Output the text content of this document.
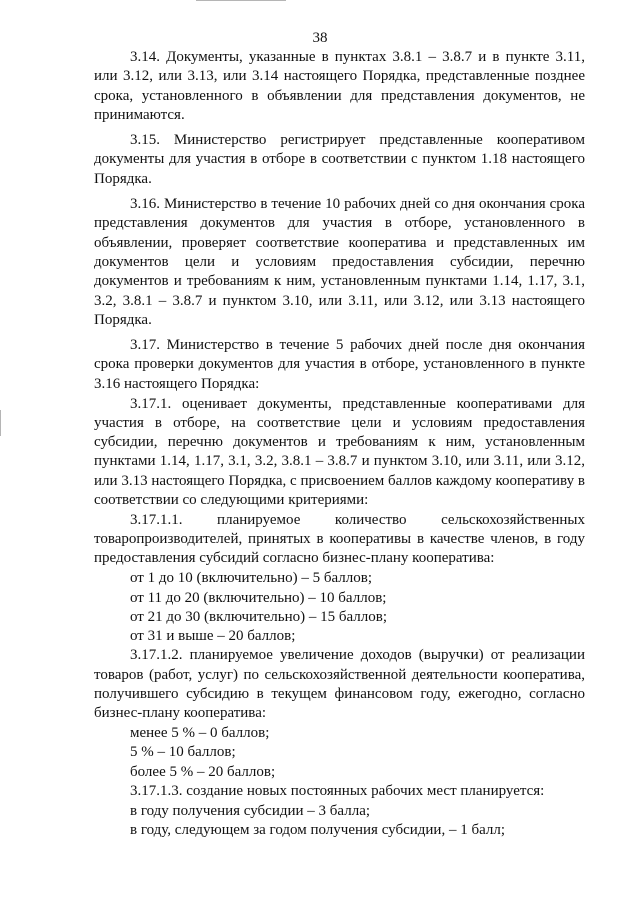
38

3.14. Документы, указанные в пунктах 3.8.1 – 3.8.7 и в пункте 3.11, или 3.12, или 3.13, или 3.14 настоящего Порядка, представленные позднее срока, установленного в объявлении для представления документов, не принимаются.

3.15. Министерство регистрирует представленные кооперативом документы для участия в отборе в соответствии с пунктом 1.18 настоящего Порядка.

3.16. Министерство в течение 10 рабочих дней со дня окончания срока представления документов для участия в отборе, установленного в объявлении, проверяет соответствие кооператива и представленных им документов цели и условиям предоставления субсидии, перечню документов и требованиям к ним, установленным пунктами 1.14, 1.17, 3.1, 3.2, 3.8.1 – 3.8.7 и пунктом 3.10, или 3.11, или 3.12, или 3.13 настоящего Порядка.

3.17. Министерство в течение 5 рабочих дней после дня окончания срока проверки документов для участия в отборе, установленного в пункте 3.16 настоящего Порядка:

3.17.1. оценивает документы, представленные кооперативами для участия в отборе, на соответствие цели и условиям предоставления субсидии, перечню документов и требованиям к ним, установленным пунктами 1.14, 1.17, 3.1, 3.2, 3.8.1 – 3.8.7 и пунктом 3.10, или 3.11, или 3.12, или 3.13 настоящего Порядка, с присвоением баллов каждому кооперативу в соответствии со следующими критериями:

3.17.1.1. планируемое количество сельскохозяйственных товаропроизводителей, принятых в кооперативы в качестве членов, в году предоставления субсидий согласно бизнес-плану кооператива:

от 1 до 10 (включительно) – 5 баллов;
от 11 до 20 (включительно) – 10 баллов;
от 21 до 30 (включительно) – 15 баллов;
от 31 и выше – 20 баллов;

3.17.1.2. планируемое увеличение доходов (выручки) от реализации товаров (работ, услуг) по сельскохозяйственной деятельности кооператива, получившего субсидию в текущем финансовом году, ежегодно, согласно бизнес-плану кооператива:

менее 5 % – 0 баллов;
5 % – 10 баллов;
более 5 % – 20 баллов;

3.17.1.3. создание новых постоянных рабочих мест планируется:

в году получения субсидии – 3 балла;
в году, следующем за годом получения субсидии, – 1 балл;
